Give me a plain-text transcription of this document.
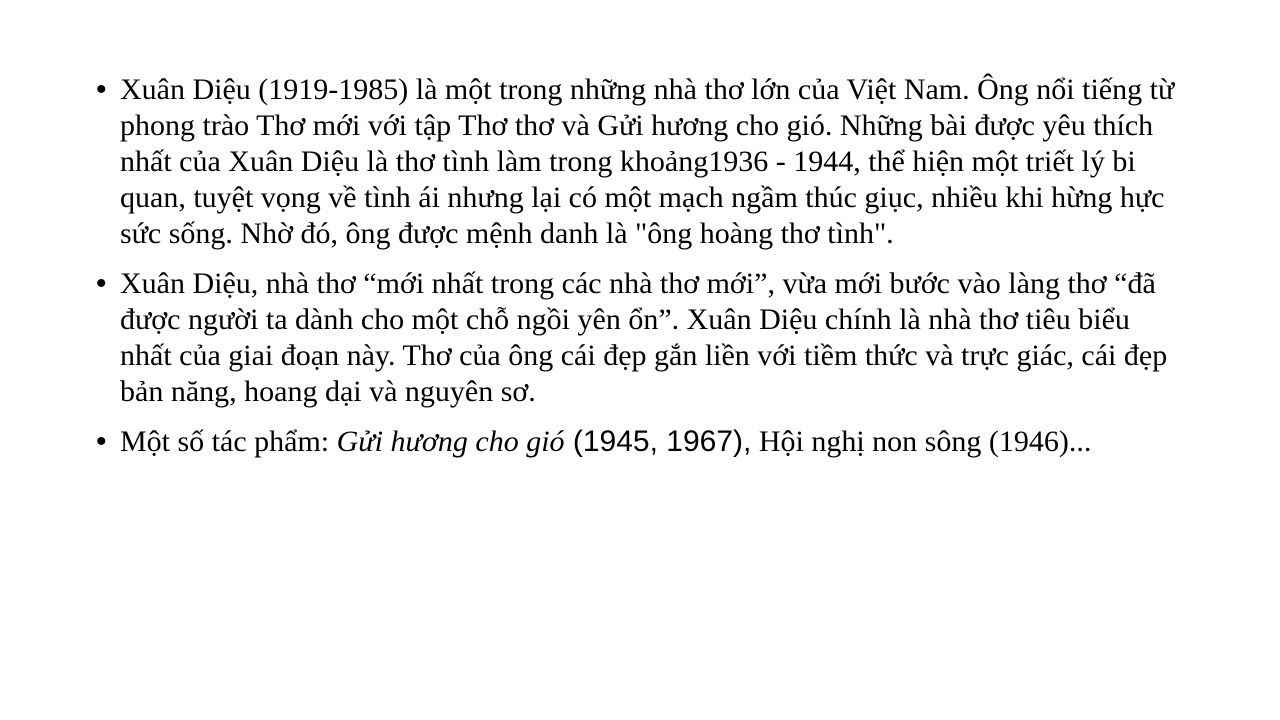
• Xuân Diệu (1919-1985) là một trong những nhà thơ lớn của Việt Nam. Ông nổi tiếng từ phong trào Thơ mới với tập Thơ thơ và Gửi hương cho gió. Những bài được yêu thích nhất của Xuân Diệu là thơ tình làm trong khoảng1936 - 1944, thể hiện một triết lý bi quan, tuyệt vọng về tình ái nhưng lại có một mạch ngầm thúc giục, nhiều khi hừng hực sức sống. Nhờ đó, ông được mệnh danh là "ông hoàng thơ tình".
• Xuân Diệu, nhà thơ “mới nhất trong các nhà thơ mới”, vừa mới bước vào làng thơ “đã được người ta dành cho một chỗ ngồi yên ổn”. Xuân Diệu chính là nhà thơ tiêu biểu nhất của giai đoạn này. Thơ của ông cái đẹp gắn liền với tiềm thức và trực giác, cái đẹp bản năng, hoang dại và nguyên sơ.
• Một số tác phẩm: Gửi hương cho gió (1945, 1967), Hội nghị non sông (1946)...
